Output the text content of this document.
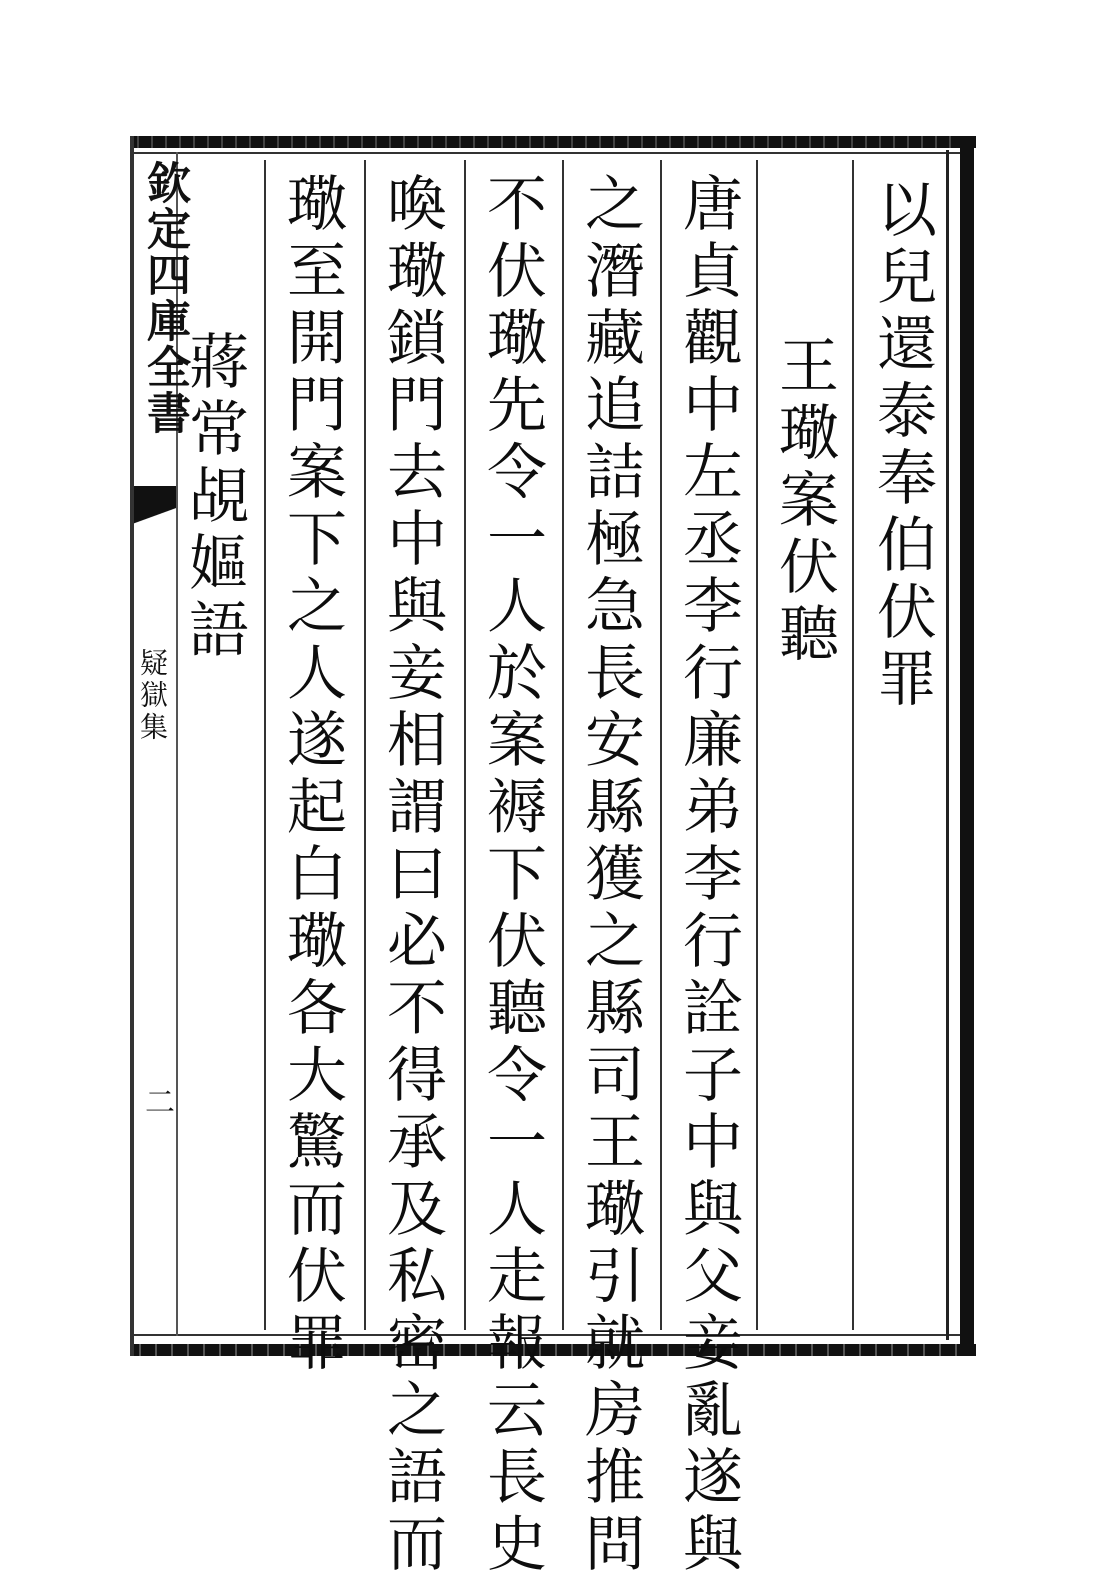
欽定四庫全書
疑獄集
二
以兒還泰奉伯伏罪
王璥案伏聽
唐貞觀中左丞李行廉弟李行詮子中與父妾亂遂與
之潛藏追詰極急長安縣獲之縣司王璥引就房推問
不伏璥先令一人於案褥下伏聽令一人走報云長史
喚璥鎖門去中與妾相謂曰必不得承及私密之語而
璥至開門案下之人遂起白璥各大驚而伏罪
蔣常覘嫗語
